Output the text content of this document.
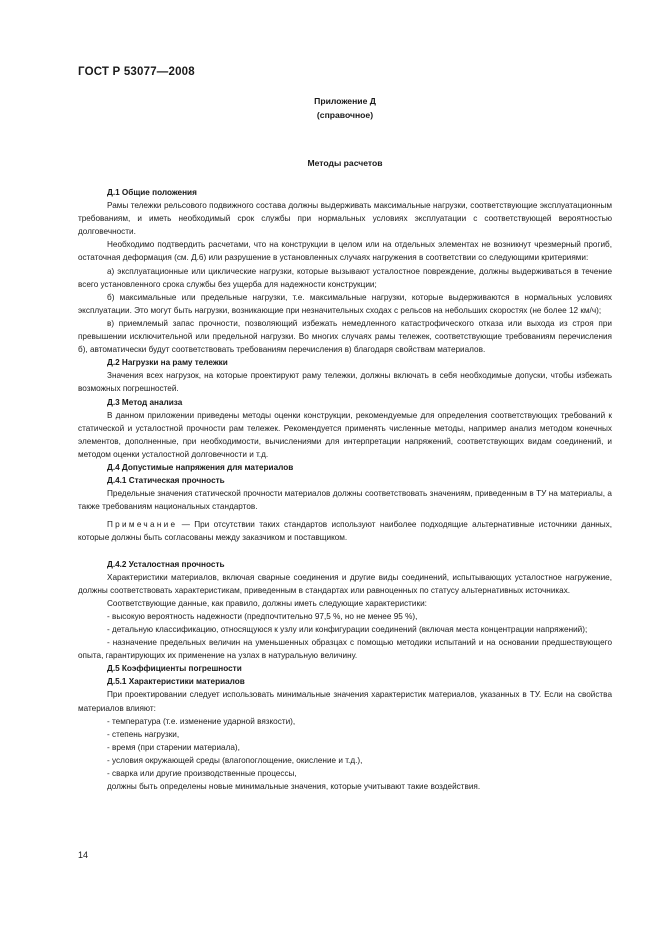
ГОСТ Р 53077—2008
Приложение Д
(справочное)
Методы расчетов

Д.1 Общие положения

Рамы тележки рельсового подвижного состава должны выдерживать максимальные нагрузки, соответствующие эксплуатационным требованиям, и иметь необходимый срок службы при нормальных условиях эксплуатации с соответствующей вероятностью долговечности.

Необходимо подтвердить расчетами, что на конструкции в целом или на отдельных элементах не возникнут чрезмерный прогиб, остаточная деформация (см. Д.6) или разрушение в установленных случаях нагружения в соответствии со следующими критериями:

а) эксплуатационные или циклические нагрузки, которые вызывают усталостное повреждение, должны выдерживаться в течение всего установленного срока службы без ущерба для надежности конструкции;

б) максимальные или предельные нагрузки, т.е. максимальные нагрузки, которые выдерживаются в нормальных условиях эксплуатации. Это могут быть нагрузки, возникающие при незначительных сходах с рельсов на небольших скоростях (не более 12 км/ч);

в) приемлемый запас прочности, позволяющий избежать немедленного катастрофического отказа или выхода из строя при превышении исключительной или предельной нагрузки. Во многих случаях рамы тележек, соответствующие требованиям перечисления б), автоматически будут соответствовать требованиям перечисления в) благодаря свойствам материалов.

Д.2 Нагрузки на раму тележки

Значения всех нагрузок, на которые проектируют раму тележки, должны включать в себя необходимые допуски, чтобы избежать возможных погрешностей.

Д.3 Метод анализа

В данном приложении приведены методы оценки конструкции, рекомендуемые для определения соответствующих требований к статической и усталостной прочности рам тележек. Рекомендуется применять численные методы, например анализ методом конечных элементов, дополненные, при необходимости, вычислениями для интерпретации напряжений, соответствующих видам соединений, и методом оценки усталостной долговечности и т.д.

Д.4 Допустимые напряжения для материалов

Д.4.1 Статическая прочность

Предельные значения статической прочности материалов должны соответствовать значениям, приведенным в ТУ на материалы, а также требованиям национальных стандартов.

Примечание — При отсутствии таких стандартов используют наиболее подходящие альтернативные источники данных, которые должны быть согласованы между заказчиком и поставщиком.

Д.4.2 Усталостная прочность

Характеристики материалов, включая сварные соединения и другие виды соединений, испытывающих усталостное нагружение, должны соответствовать характеристикам, приведенным в стандартах или равноценных по статусу альтернативных источниках.

Соответствующие данные, как правило, должны иметь следующие характеристики:

- высокую вероятность надежности (предпочтительно 97,5 %, но не менее 95 %),

- детальную классификацию, относящуюся к узлу или конфигурации соединений (включая места концентрации напряжений);

- назначение предельных величин на уменьшенных образцах с помощью методики испытаний и на основании предшествующего опыта, гарантирующих их применение на узлах в натуральную величину.

Д.5 Коэффициенты погрешности

Д.5.1 Характеристики материалов

При проектировании следует использовать минимальные значения характеристик материалов, указанных в ТУ. Если на свойства материалов влияют:

- температура (т.е. изменение ударной вязкости),

- степень нагрузки,

- время (при старении материала),

- условия окружающей среды (влагопоглощение, окисление и т.д.),

- сварка или другие производственные процессы,

должны быть определены новые минимальные значения, которые учитывают такие воздействия.

14
